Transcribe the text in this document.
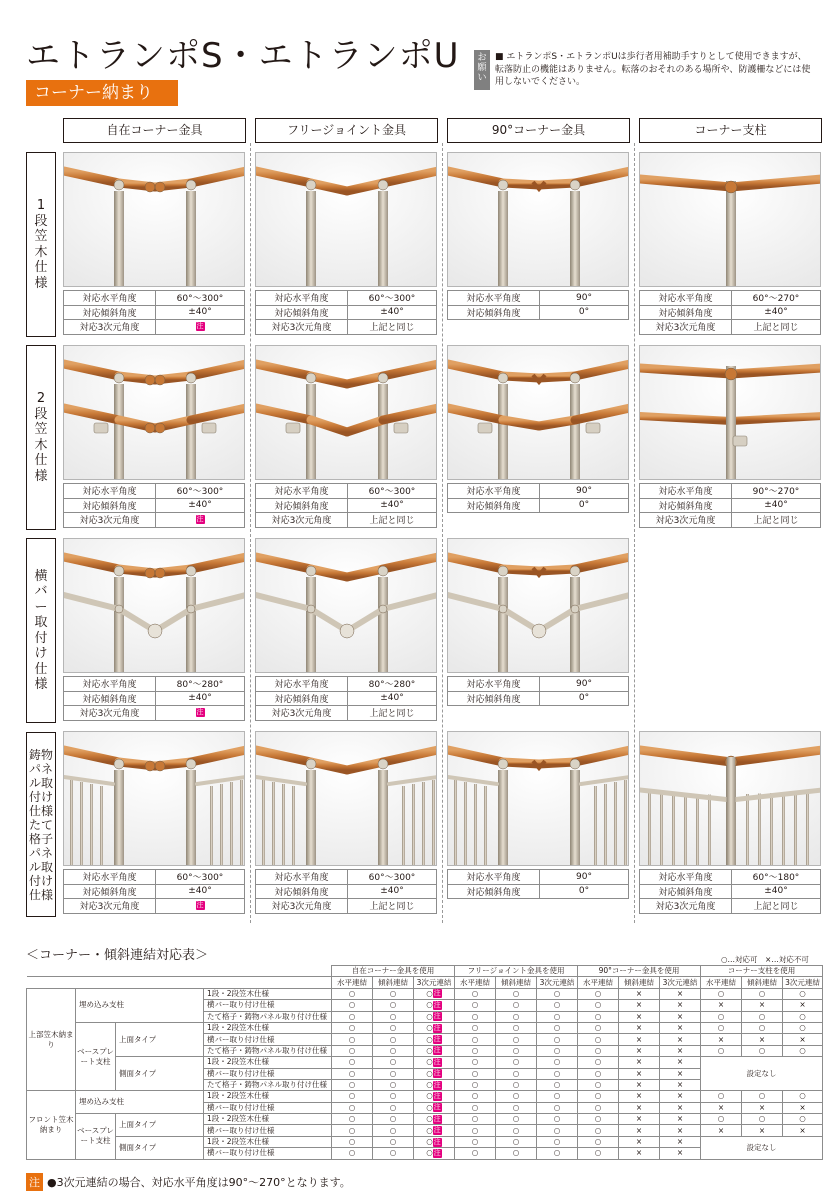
エトランポS・エトランポU
コーナー納まり
お願い
■ エトランポS・エトランポUは歩行者用補助手すりとして使用できますが、転落防止の機能はありません。転落のおそれのある場所や、防護柵などには使用しないでください。
自在コーナー金具	フリージョイント金具	90°コーナー金具	コーナー支柱
1段笠木仕様
2段笠木仕様
横バー取付け仕様
鋳物パネル取付け仕様 たて格子パネル取付け仕様
対応水平角度	60°～300°
対応傾斜角度	±40°
対応3次元角度	注
対応水平角度	60°～300°
対応傾斜角度	±40°
対応3次元角度	上記と同じ
対応水平角度	90°
対応傾斜角度	0°
対応水平角度	60°～270°
対応傾斜角度	±40°
対応3次元角度	上記と同じ
対応水平角度	60°～300°
対応傾斜角度	±40°
対応3次元角度	注
対応水平角度	60°～300°
対応傾斜角度	±40°
対応3次元角度	上記と同じ
対応水平角度	90°
対応傾斜角度	0°
対応水平角度	90°～270°
対応傾斜角度	±40°
対応3次元角度	上記と同じ
対応水平角度	80°～280°
対応傾斜角度	±40°
対応3次元角度	注
対応水平角度	80°～280°
対応傾斜角度	±40°
対応3次元角度	上記と同じ
対応水平角度	90°
対応傾斜角度	0°
対応水平角度	60°～300°
対応傾斜角度	±40°
対応3次元角度	注
対応水平角度	60°～300°
対応傾斜角度	±40°
対応3次元角度	上記と同じ
対応水平角度	90°
対応傾斜角度	0°
対応水平角度	60°～180°
対応傾斜角度	±40°
対応3次元角度	上記と同じ
＜コーナー・傾斜連結対応表＞	○…対応可　×…対応不可
				自在コーナー金具を使用			フリージョイント金具を使用			90°コーナー金具を使用			コーナー支柱を使用		
				水平連結	傾斜連結	3次元連結	水平連結	傾斜連結	3次元連結	水平連結	傾斜連結	3次元連結	水平連結	傾斜連結	3次元連結
上部笠木納まり	埋め込み支柱		1段・2段笠木仕様	○	○	○注	○	○	○	○	×	×	○	○	○
			横バー取り付け仕様	○	○	○注	○	○	○	○	×	×	×	×	×
			たて格子・鋳物パネル取り付け仕様	○	○	○注	○	○	○	○	×	×	○	○	○
	ベースプレート支柱	上面タイプ	1段・2段笠木仕様	○	○	○注	○	○	○	○	×	×	○	○	○
			横バー取り付け仕様	○	○	○注	○	○	○	○	×	×	×	×	×
			たて格子・鋳物パネル取り付け仕様	○	○	○注	○	○	○	○	×	×	○	○	○
		側面タイプ	1段・2段笠木仕様	○	○	○注	○	○	○	○	×	×	設定なし		
			横バー取り付け仕様	○	○	○注	○	○	○	○	×	×			
			たて格子・鋳物パネル取り付け仕様	○	○	○注	○	○	○	○	×	×			
フロント笠木納まり	埋め込み支柱		1段・2段笠木仕様	○	○	○注	○	○	○	○	×	×	○	○	○
			横バー取り付け仕様	○	○	○注	○	○	○	○	×	×	×	×	×
	ベースプレート支柱	上面タイプ	1段・2段笠木仕様	○	○	○注	○	○	○	○	×	×	○	○	○
			横バー取り付け仕様	○	○	○注	○	○	○	○	×	×	×	×	×
		側面タイプ	1段・2段笠木仕様	○	○	○注	○	○	○	○	×	×	設定なし		
			横バー取り付け仕様	○	○	○注	○	○	○	○	×	×			
注 ●3次元連結の場合、対応水平角度は90°～270°となります。
